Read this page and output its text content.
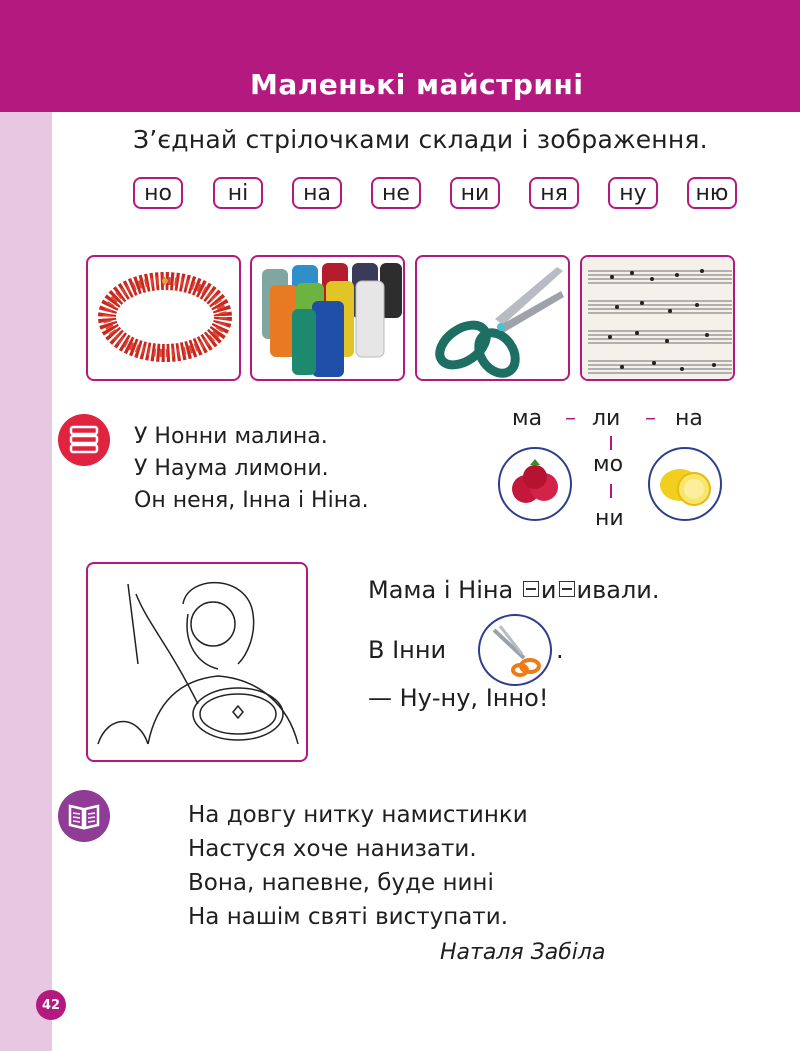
Маленькі майстрині
З’єднай стрілочками склади і зображення.
но	ні	на	не	ни	ня	ну	ню
У Нонни малина.
У Наума лимони.
Он неня, Інна і Ніна.
ма – ли – на
мо
ни
Мама і Ніна и ивали.
В Інни	.
— Ну-ну, Інно!
На довгу нитку намистинки
Настуся хоче нанизати.
Вона, напевне, буде нині
На нашім святі виступати.
Наталя Забіла
42
